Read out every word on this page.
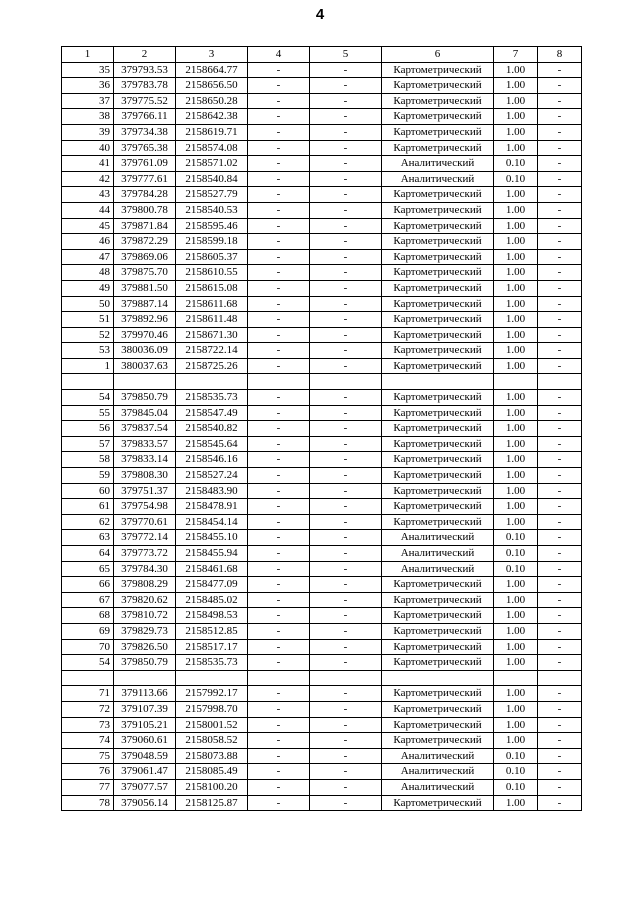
4
1	2	3	4	5	6	7	8
35	379793.53	2158664.77	-	-	Картометрический	1.00	-
36	379783.78	2158656.50	-	-	Картометрический	1.00	-
37	379775.52	2158650.28	-	-	Картометрический	1.00	-
38	379766.11	2158642.38	-	-	Картометрический	1.00	-
39	379734.38	2158619.71	-	-	Картометрический	1.00	-
40	379765.38	2158574.08	-	-	Картометрический	1.00	-
41	379761.09	2158571.02	-	-	Аналитический	0.10	-
42	379777.61	2158540.84	-	-	Аналитический	0.10	-
43	379784.28	2158527.79	-	-	Картометрический	1.00	-
44	379800.78	2158540.53	-	-	Картометрический	1.00	-
45	379871.84	2158595.46	-	-	Картометрический	1.00	-
46	379872.29	2158599.18	-	-	Картометрический	1.00	-
47	379869.06	2158605.37	-	-	Картометрический	1.00	-
48	379875.70	2158610.55	-	-	Картометрический	1.00	-
49	379881.50	2158615.08	-	-	Картометрический	1.00	-
50	379887.14	2158611.68	-	-	Картометрический	1.00	-
51	379892.96	2158611.48	-	-	Картометрический	1.00	-
52	379970.46	2158671.30	-	-	Картометрический	1.00	-
53	380036.09	2158722.14	-	-	Картометрический	1.00	-
1	380037.63	2158725.26	-	-	Картометрический	1.00	-

54	379850.79	2158535.73	-	-	Картометрический	1.00	-
55	379845.04	2158547.49	-	-	Картометрический	1.00	-
56	379837.54	2158540.82	-	-	Картометрический	1.00	-
57	379833.57	2158545.64	-	-	Картометрический	1.00	-
58	379833.14	2158546.16	-	-	Картометрический	1.00	-
59	379808.30	2158527.24	-	-	Картометрический	1.00	-
60	379751.37	2158483.90	-	-	Картометрический	1.00	-
61	379754.98	2158478.91	-	-	Картометрический	1.00	-
62	379770.61	2158454.14	-	-	Картометрический	1.00	-
63	379772.14	2158455.10	-	-	Аналитический	0.10	-
64	379773.72	2158455.94	-	-	Аналитический	0.10	-
65	379784.30	2158461.68	-	-	Аналитический	0.10	-
66	379808.29	2158477.09	-	-	Картометрический	1.00	-
67	379820.62	2158485.02	-	-	Картометрический	1.00	-
68	379810.72	2158498.53	-	-	Картометрический	1.00	-
69	379829.73	2158512.85	-	-	Картометрический	1.00	-
70	379826.50	2158517.17	-	-	Картометрический	1.00	-
54	379850.79	2158535.73	-	-	Картометрический	1.00	-

71	379113.66	2157992.17	-	-	Картометрический	1.00	-
72	379107.39	2157998.70	-	-	Картометрический	1.00	-
73	379105.21	2158001.52	-	-	Картометрический	1.00	-
74	379060.61	2158058.52	-	-	Картометрический	1.00	-
75	379048.59	2158073.88	-	-	Аналитический	0.10	-
76	379061.47	2158085.49	-	-	Аналитический	0.10	-
77	379077.57	2158100.20	-	-	Аналитический	0.10	-
78	379056.14	2158125.87	-	-	Картометрический	1.00	-
